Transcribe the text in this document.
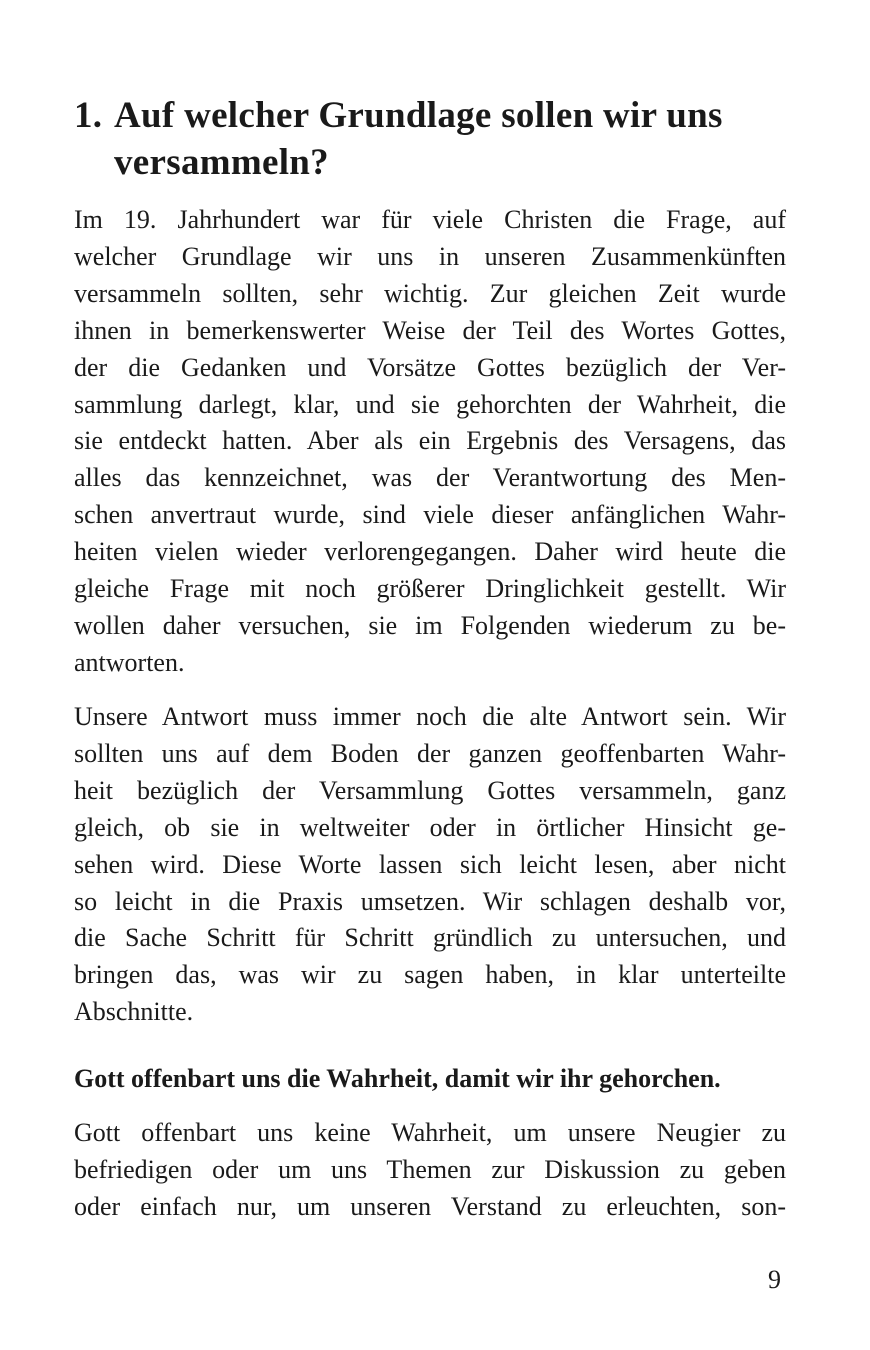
1. Auf welcher Grundlage sollen wir uns
versammeln?

Im 19. Jahrhundert war für viele Christen die Frage, auf
welcher Grundlage wir uns in unseren Zusammenkünften
versammeln sollten, sehr wichtig. Zur gleichen Zeit wurde
ihnen in bemerkenswerter Weise der Teil des Wortes Gottes,
der die Gedanken und Vorsätze Gottes bezüglich der Ver-
sammlung darlegt, klar, und sie gehorchten der Wahrheit, die
sie entdeckt hatten. Aber als ein Ergebnis des Versagens, das
alles das kennzeichnet, was der Verantwortung des Men-
schen anvertraut wurde, sind viele dieser anfänglichen Wahr-
heiten vielen wieder verlorengegangen. Daher wird heute die
gleiche Frage mit noch größerer Dringlichkeit gestellt. Wir
wollen daher versuchen, sie im Folgenden wiederum zu be-
antworten.

Unsere Antwort muss immer noch die alte Antwort sein. Wir
sollten uns auf dem Boden der ganzen geoffenbarten Wahr-
heit bezüglich der Versammlung Gottes versammeln, ganz
gleich, ob sie in weltweiter oder in örtlicher Hinsicht ge-
sehen wird. Diese Worte lassen sich leicht lesen, aber nicht
so leicht in die Praxis umsetzen. Wir schlagen deshalb vor,
die Sache Schritt für Schritt gründlich zu untersuchen, und
bringen das, was wir zu sagen haben, in klar unterteilte
Abschnitte.

Gott offenbart uns die Wahrheit, damit wir ihr gehorchen.

Gott offenbart uns keine Wahrheit, um unsere Neugier zu
befriedigen oder um uns Themen zur Diskussion zu geben
oder einfach nur, um unseren Verstand zu erleuchten, son-

9
